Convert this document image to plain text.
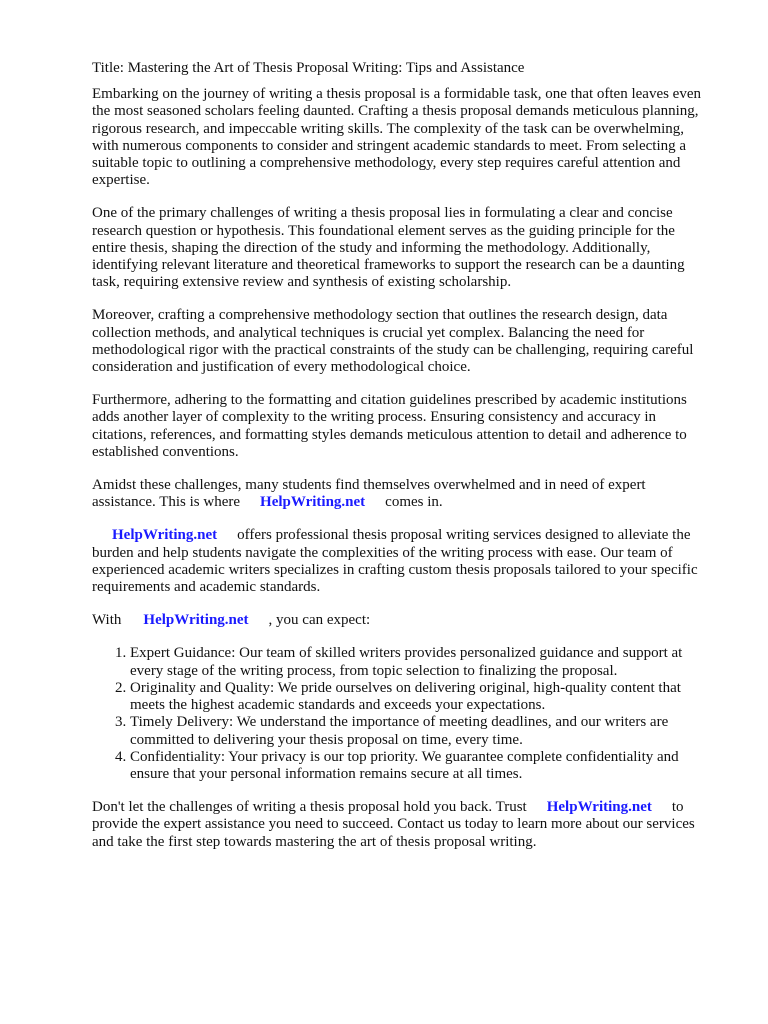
Title: Mastering the Art of Thesis Proposal Writing: Tips and Assistance

Embarking on the journey of writing a thesis proposal is a formidable task, one that often leaves even the most seasoned scholars feeling daunted. Crafting a thesis proposal demands meticulous planning, rigorous research, and impeccable writing skills. The complexity of the task can be overwhelming, with numerous components to consider and stringent academic standards to meet. From selecting a suitable topic to outlining a comprehensive methodology, every step requires careful attention and expertise.

One of the primary challenges of writing a thesis proposal lies in formulating a clear and concise research question or hypothesis. This foundational element serves as the guiding principle for the entire thesis, shaping the direction of the study and informing the methodology. Additionally, identifying relevant literature and theoretical frameworks to support the research can be a daunting task, requiring extensive review and synthesis of existing scholarship.

Moreover, crafting a comprehensive methodology section that outlines the research design, data collection methods, and analytical techniques is crucial yet complex. Balancing the need for methodological rigor with the practical constraints of the study can be challenging, requiring careful consideration and justification of every methodological choice.

Furthermore, adhering to the formatting and citation guidelines prescribed by academic institutions adds another layer of complexity to the writing process. Ensuring consistency and accuracy in citations, references, and formatting styles demands meticulous attention to detail and adherence to established conventions.

Amidst these challenges, many students find themselves overwhelmed and in need of expert assistance. This is where HelpWriting.net comes in.

HelpWriting.net offers professional thesis proposal writing services designed to alleviate the burden and help students navigate the complexities of the writing process with ease. Our team of experienced academic writers specializes in crafting custom thesis proposals tailored to your specific requirements and academic standards.

With HelpWriting.net , you can expect:

1. Expert Guidance: Our team of skilled writers provides personalized guidance and support at every stage of the writing process, from topic selection to finalizing the proposal.
2. Originality and Quality: We pride ourselves on delivering original, high-quality content that meets the highest academic standards and exceeds your expectations.
3. Timely Delivery: We understand the importance of meeting deadlines, and our writers are committed to delivering your thesis proposal on time, every time.
4. Confidentiality: Your privacy is our top priority. We guarantee complete confidentiality and ensure that your personal information remains secure at all times.

Don't let the challenges of writing a thesis proposal hold you back. Trust HelpWriting.net to provide the expert assistance you need to succeed. Contact us today to learn more about our services and take the first step towards mastering the art of thesis proposal writing.
